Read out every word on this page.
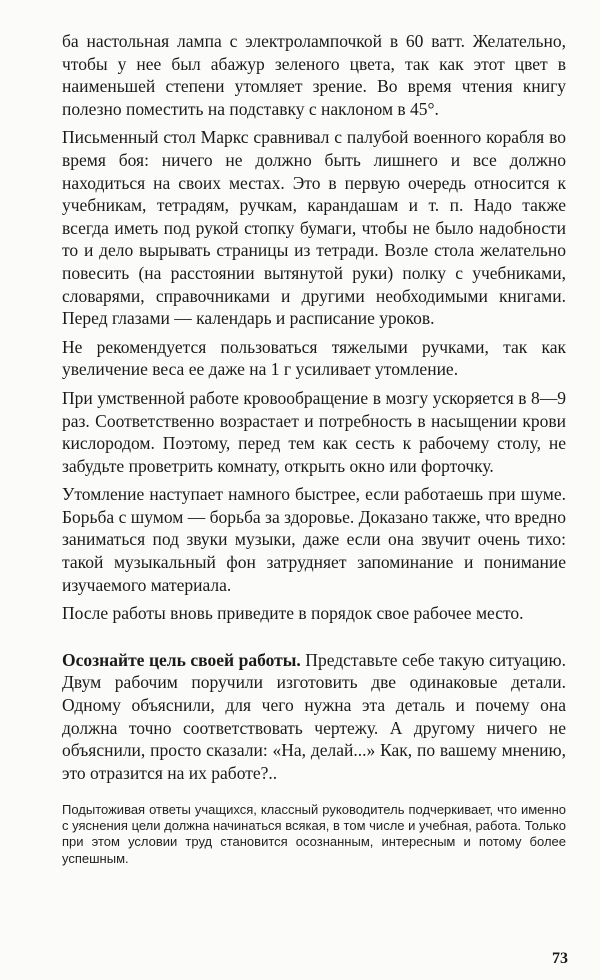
ба настольная лампа с электролампочкой в 60 ватт. Желательно, чтобы у нее был абажур зеленого цвета, так как этот цвет в наименьшей степени утомляет зрение. Во время чтения книгу полезно поместить на подставку с наклоном в 45°.

Письменный стол Маркс сравнивал с палубой военного корабля во время боя: ничего не должно быть лишнего и все должно находиться на своих местах. Это в первую очередь относится к учебникам, тетрадям, ручкам, карандашам и т. п. Надо также всегда иметь под рукой стопку бумаги, чтобы не было надобности то и дело вырывать страницы из тетради. Возле стола желательно повесить (на расстоянии вытянутой руки) полку с учебниками, словарями, справочниками и другими необходимыми книгами. Перед глазами — календарь и расписание уроков.

Не рекомендуется пользоваться тяжелыми ручками, так как увеличение веса ее даже на 1 г усиливает утомление.

При умственной работе кровообращение в мозгу ускоряется в 8—9 раз. Соответственно возрастает и потребность в насыщении крови кислородом. Поэтому, перед тем как сесть к рабочему столу, не забудьте проветрить комнату, открыть окно или форточку.

Утомление наступает намного быстрее, если работаешь при шуме. Борьба с шумом — борьба за здоровье. Доказано также, что вредно заниматься под звуки музыки, даже если она звучит очень тихо: такой музыкальный фон затрудняет запоминание и понимание изучаемого материала.

После работы вновь приведите в порядок свое рабочее место.

Осознайте цель своей работы. Представьте себе такую ситуацию. Двум рабочим поручили изготовить две одинаковые детали. Одному объяснили, для чего нужна эта деталь и почему она должна точно соответствовать чертежу. А другому ничего не объяснили, просто сказали: «На, делай...» Как, по вашему мнению, это отразится на их работе?..

Подытоживая ответы учащихся, классный руководитель подчеркивает, что именно с уяснения цели должна начинаться всякая, в том числе и учебная, работа. Только при этом условии труд становится осознанным, интересным и потому более успешным.

73
